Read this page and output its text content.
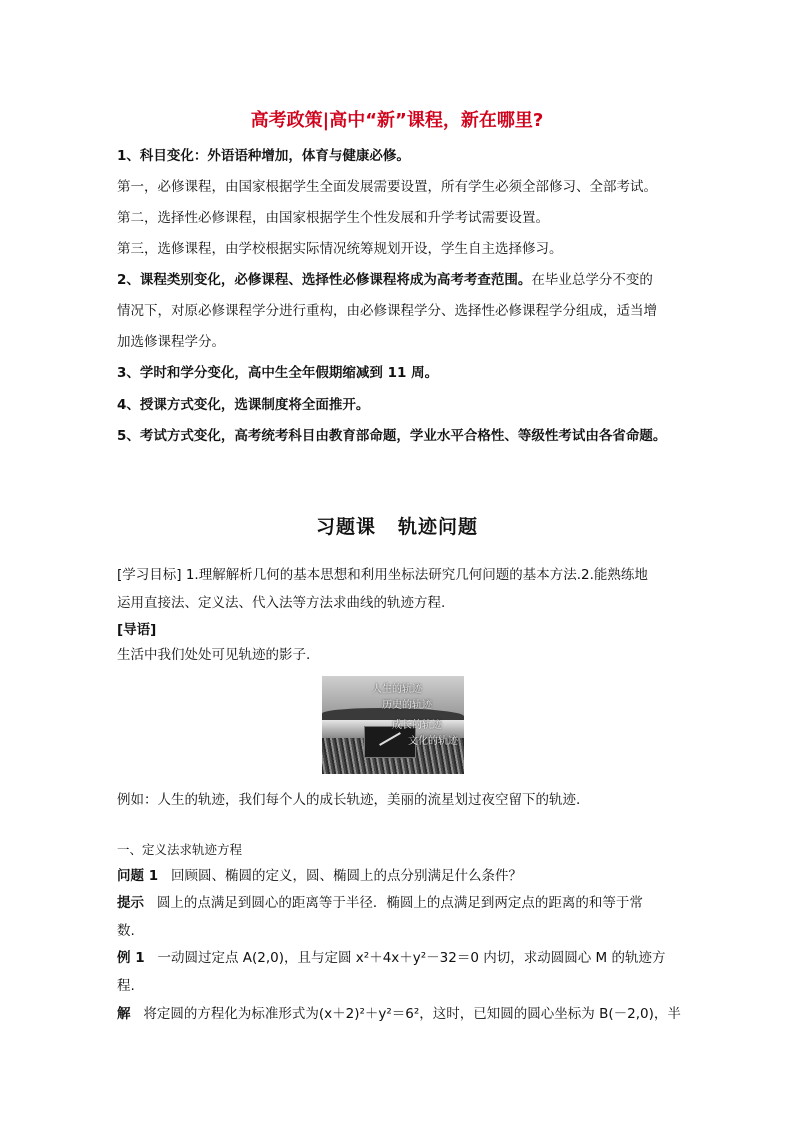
高考政策|高中“新”课程，新在哪里?
1、科目变化：外语语种增加，体育与健康必修。
第一，必修课程，由国家根据学生全面发展需要设置，所有学生必须全部修习、全部考试。
第二，选择性必修课程，由国家根据学生个性发展和升学考试需要设置。
第三，选修课程，由学校根据实际情况统筹规划开设，学生自主选择修习。
2、课程类别变化，必修课程、选择性必修课程将成为高考考查范围。在毕业总学分不变的
情况下，对原必修课程学分进行重构，由必修课程学分、选择性必修课程学分组成，适当增
加选修课程学分。
3、学时和学分变化，高中生全年假期缩减到 11 周。
4、授课方式变化，选课制度将全面推开。
5、考试方式变化，高考统考科目由教育部命题，学业水平合格性、等级性考试由各省命题。
习题课 轨迹问题
[学习目标] 1.理解解析几何的基本思想和利用坐标法研究几何问题的基本方法.2.能熟练地
运用直接法、定义法、代入法等方法求曲线的轨迹方程.
[导语]
生活中我们处处可见轨迹的影子.
人生的轨迹
历史的轨迹
成长的轨迹
文化的轨迹
例如：人生的轨迹，我们每个人的成长轨迹，美丽的流星划过夜空留下的轨迹.
一、定义法求轨迹方程
问题 1 回顾圆、椭圆的定义，圆、椭圆上的点分别满足什么条件？
提示 圆上的点满足到圆心的距离等于半径．椭圆上的点满足到两定点的距离的和等于常
数.
例 1 一动圆过定点 A(2,0)，且与定圆 x²＋4x＋y²－32＝0 内切，求动圆圆心 M 的轨迹方
程.
解 将定圆的方程化为标准形式为(x＋2)²＋y²＝6²，这时，已知圆的圆心坐标为 B(－2,0)，半
